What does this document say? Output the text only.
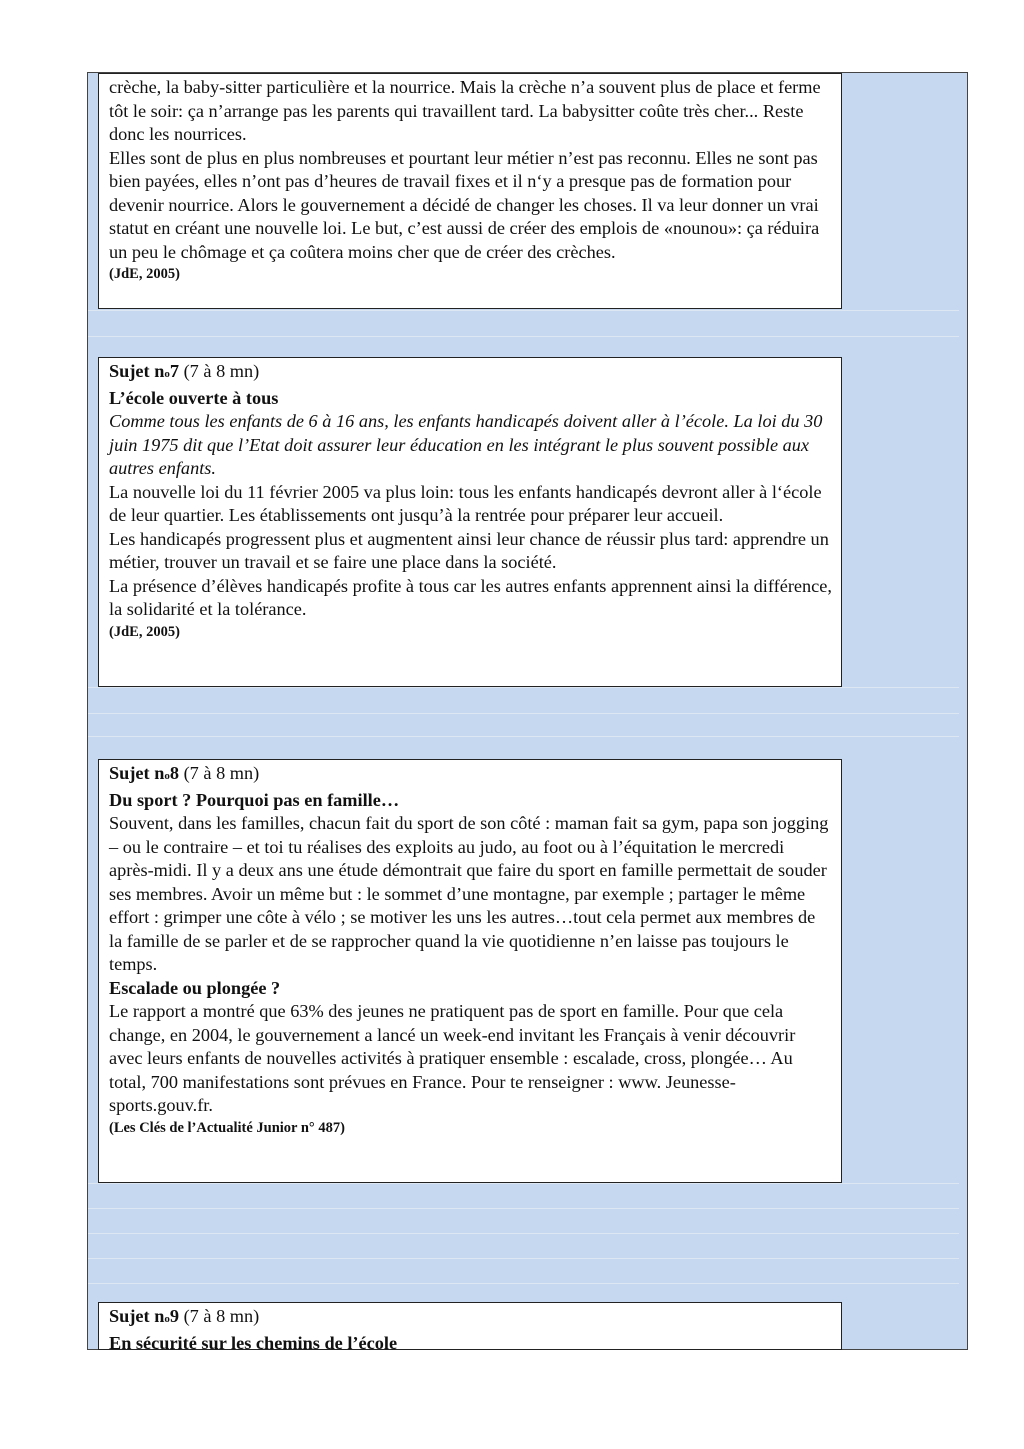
crèche, la baby-sitter particulière et la nourrice. Mais la crèche n’a souvent plus de place et ferme tôt le soir: ça n’arrange pas les parents qui travaillent tard. La babysitter coûte très cher... Reste donc les nourrices.

Elles sont de plus en plus nombreuses et pourtant leur métier n’est pas reconnu. Elles ne sont pas bien payées, elles n’ont pas d’heures de travail fixes et il n‘y a presque pas de formation pour devenir nourrice. Alors le gouvernement a décidé de changer les choses. Il va leur donner un vrai statut en créant une nouvelle loi. Le but, c’est aussi de créer des emplois de «nounou»: ça réduira un peu le chômage et ça coûtera moins cher que de créer des crèches.

(JdE, 2005)

Sujet no7 (7 à 8 mn)

L’école ouverte à tous

Comme tous les enfants de 6 à 16 ans, les enfants handicapés doivent aller à l’école. La loi du 30 juin 1975 dit que l’Etat doit assurer leur éducation en les intégrant le plus souvent possible aux autres enfants.

La nouvelle loi du 11 février 2005 va plus loin: tous les enfants handicapés devront aller à l‘école de leur quartier. Les établissements ont jusqu’à la rentrée pour préparer leur accueil.

Les handicapés progressent plus et augmentent ainsi leur chance de réussir plus tard: apprendre un métier, trouver un travail et se faire une place dans la société.

La présence d’élèves handicapés profite à tous car les autres enfants apprennent ainsi la différence, la solidarité et la tolérance.

(JdE, 2005)

Sujet no8 (7 à 8 mn)

Du sport ? Pourquoi pas en famille…

Souvent, dans les familles, chacun fait du sport de son côté : maman fait sa gym, papa son jogging – ou le contraire – et toi tu réalises des exploits au judo, au foot ou à l’équitation le mercredi après-midi. Il y a deux ans une étude démontrait que faire du sport en famille permettait de souder ses membres. Avoir un même but : le sommet d’une montagne, par exemple ; partager le même effort : grimper une côte à vélo ; se motiver les uns les autres…tout cela permet aux membres de la famille de se parler et de se rapprocher quand la vie quotidienne n’en laisse pas toujours le temps.

Escalade ou plongée ?

Le rapport a montré que 63% des jeunes ne pratiquent pas de sport en famille. Pour que cela change, en 2004, le gouvernement a lancé un week-end invitant les Français à venir découvrir avec leurs enfants de nouvelles activités à pratiquer ensemble : escalade, cross, plongée… Au total, 700 manifestations sont prévues en France. Pour te renseigner : www. Jeunesse-sports.gouv.fr.

(Les Clés de l’Actualité Junior n° 487)

Sujet no9 (7 à 8 mn)

En sécurité sur les chemins de l’école
